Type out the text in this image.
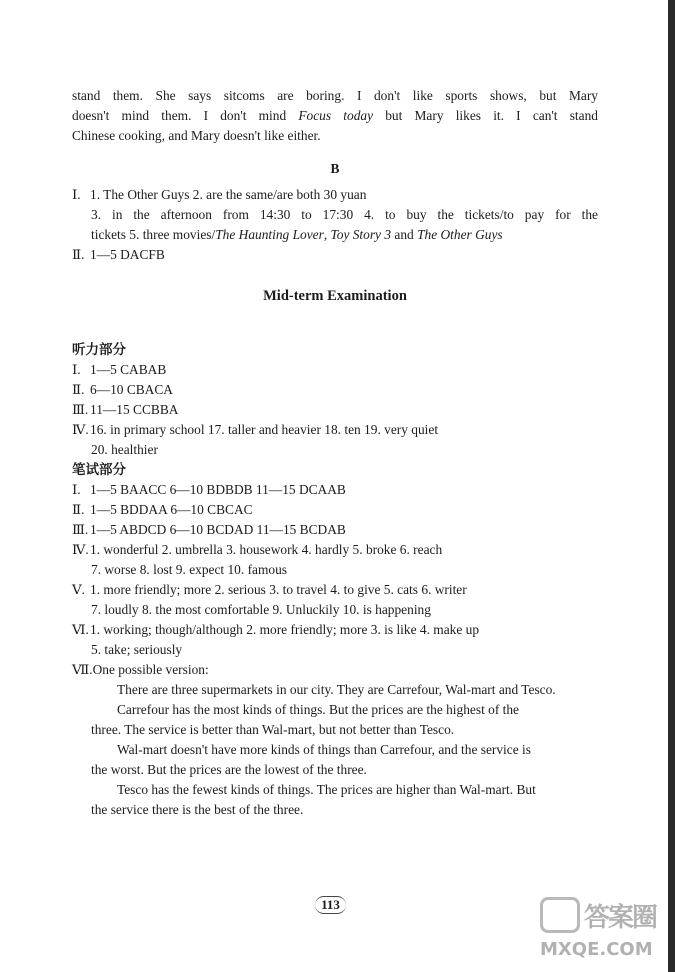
stand them. She says sitcoms are boring. I don't like sports shows, but Mary
doesn't mind them. I don't mind Focus today but Mary likes it. I can't stand
Chinese cooking, and Mary doesn't like either.
B
Ⅰ. 1. The Other Guys 2. are the same/are both 30 yuan
3. in the afternoon from 14:30 to 17:30 4. to buy the tickets/to pay for the
tickets 5. three movies/The Haunting Lover, Toy Story 3 and The Other Guys
Ⅱ. 1—5 DACFB
Mid-term Examination
听力部分
Ⅰ. 1—5 CABAB
Ⅱ. 6—10 CBACA
Ⅲ. 11—15 CCBBA
Ⅳ.16. in primary school 17. taller and heavier 18. ten 19. very quiet
20. healthier
笔试部分
Ⅰ. 1—5 BAACC 6—10 BDBDB 11—15 DCAAB
Ⅱ. 1—5 BDDAA 6—10 CBCAC
Ⅲ. 1—5 ABDCD 6—10 BCDAD 11—15 BCDAB
Ⅳ.1. wonderful 2. umbrella 3. housework 4. hardly 5. broke 6. reach
7. worse 8. lost 9. expect 10. famous
Ⅴ. 1. more friendly; more 2. serious 3. to travel 4. to give 5. cats 6. writer
7. loudly 8. the most comfortable 9. Unluckily 10. is happening
Ⅵ.1. working; though/although 2. more friendly; more 3. is like 4. make up
5. take; seriously
Ⅶ.One possible version:
There are three supermarkets in our city. They are Carrefour, Wal-mart and Tesco.
Carrefour has the most kinds of things. But the prices are the highest of the
three. The service is better than Wal-mart, but not better than Tesco.
Wal-mart doesn't have more kinds of things than Carrefour, and the service is
the worst. But the prices are the lowest of the three.
Tesco has the fewest kinds of things. The prices are higher than Wal-mart. But
the service there is the best of the three.
113	答案圈
MXQE.COM
